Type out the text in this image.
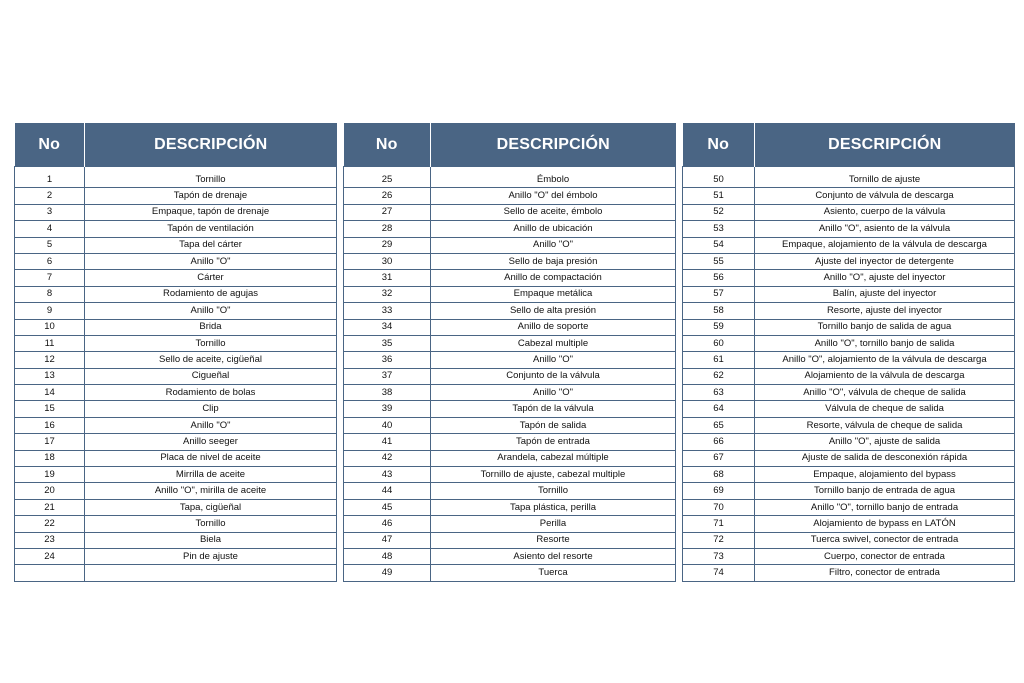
No	DESCRIPCIÓN

1	Tornillo
2	Tapón de drenaje
3	Empaque, tapón de drenaje
4	Tapón de ventilación
5	Tapa del cárter
6	Anillo "O"
7	Cárter
8	Rodamiento de agujas
9	Anillo "O"
10	Brida
11	Tornillo
12	Sello de aceite, cigüeñal
13	Cigueñal
14	Rodamiento de bolas
15	Clip
16	Anillo "O"
17	Anillo seeger
18	Placa de nivel de aceite
19	Mirrilla de aceite
20	Anillo "O", mirilla de aceite
21	Tapa, cigüeñal
22	Tornillo
23	Biela
24	Pin de ajuste

No	DESCRIPCIÓN

25	Émbolo
26	Anillo "O" del émbolo
27	Sello de aceite, émbolo
28	Anillo de ubicación
29	Anillo "O"
30	Sello de baja presión
31	Anillo de compactación
32	Empaque metálica
33	Sello de alta presión
34	Anillo de soporte
35	Cabezal multiple
36	Anillo "O"
37	Conjunto de la válvula
38	Anillo "O"
39	Tapón de la válvula
40	Tapón de salida
41	Tapón de entrada
42	Arandela, cabezal múltiple
43	Tornillo de ajuste, cabezal multiple
44	Tornillo
45	Tapa plástica, perilla
46	Perilla
47	Resorte
48	Asiento del resorte
49	Tuerca
No	DESCRIPCIÓN

50	Tornillo de ajuste
51	Conjunto de válvula de descarga
52	Asiento, cuerpo de la válvula
53	Anillo "O", asiento de la válvula
54	Empaque, alojamiento de la válvula de descarga
55	Ajuste del inyector de detergente
56	Anillo "O", ajuste del inyector
57	Balín, ajuste del inyector
58	Resorte, ajuste del inyector
59	Tornillo banjo de salida de agua
60	Anillo "O", tornillo banjo de salida
61	Anillo "O", alojamiento de la válvula de descarga
62	Alojamiento de la válvula de descarga
63	Anillo "O", válvula de cheque de salida
64	Válvula de cheque de salida
65	Resorte, válvula de cheque de salida
66	Anillo "O", ajuste de salida
67	Ajuste de salida de desconexión rápida
68	Empaque, alojamiento del bypass
69	Tornillo banjo de entrada de agua
70	Anillo "O", tornillo banjo de entrada
71	Alojamiento de bypass en LATÓN
72	Tuerca swivel, conector de entrada
73	Cuerpo, conector de entrada
74	Filtro, conector de entrada
